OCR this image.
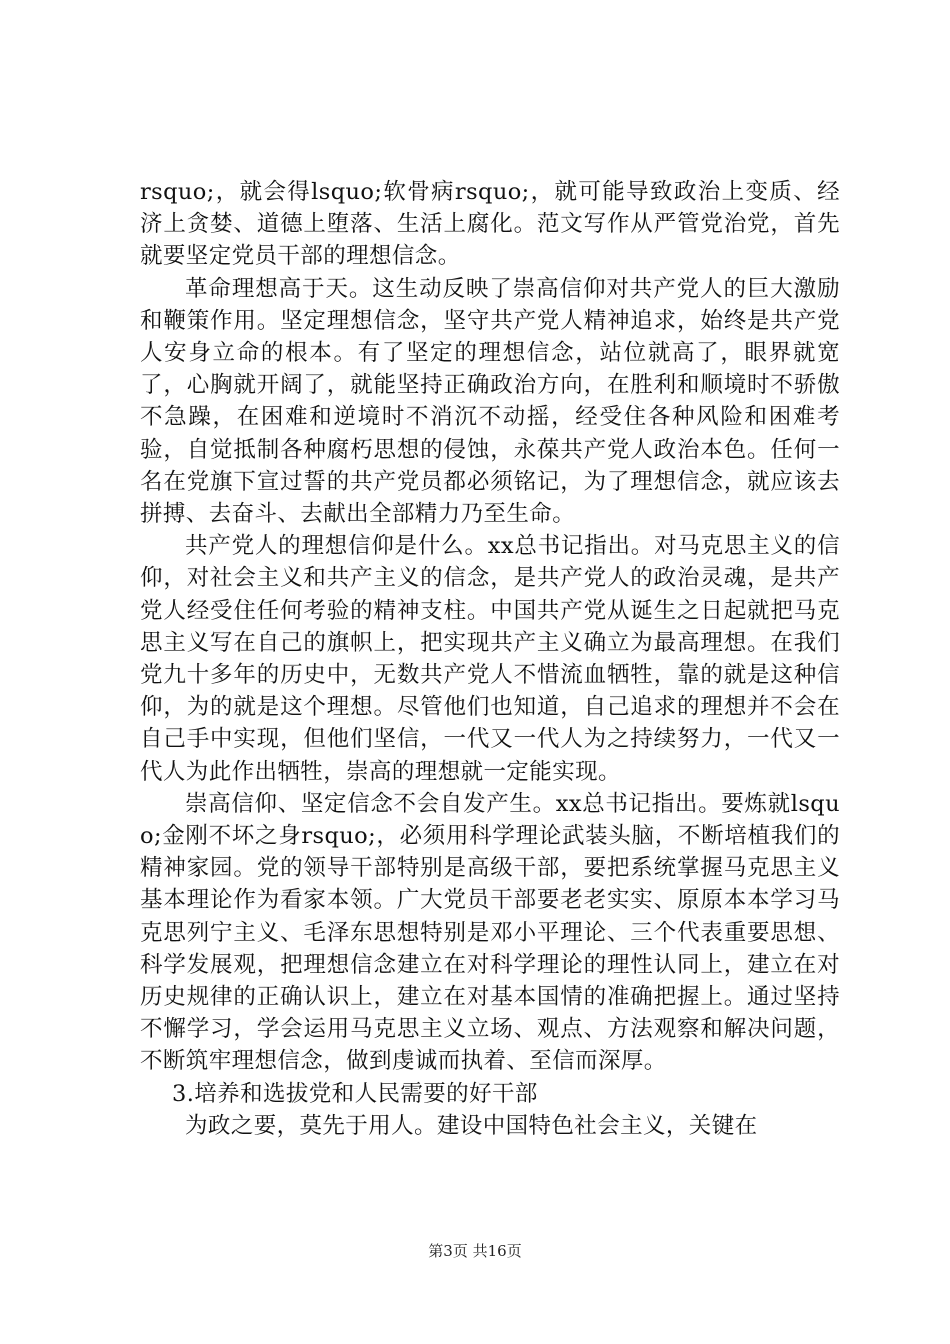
rsquo;，就会得lsquo;软骨病rsquo;，就可能导致政治上变质、经济上贪婪、道德上堕落、生活上腐化。范文写作从严管党治党，首先就要坚定党员干部的理想信念。

革命理想高于天。这生动反映了崇高信仰对共产党人的巨大激励和鞭策作用。坚定理想信念，坚守共产党人精神追求，始终是共产党人安身立命的根本。有了坚定的理想信念，站位就高了，眼界就宽了，心胸就开阔了，就能坚持正确政治方向，在胜利和顺境时不骄傲不急躁，在困难和逆境时不消沉不动摇，经受住各种风险和困难考验，自觉抵制各种腐朽思想的侵蚀，永葆共产党人政治本色。任何一名在党旗下宣过誓的共产党员都必须铭记，为了理想信念，就应该去拼搏、去奋斗、去献出全部精力乃至生命。

共产党人的理想信仰是什么。xx总书记指出。对马克思主义的信仰，对社会主义和共产主义的信念，是共产党人的政治灵魂，是共产党人经受住任何考验的精神支柱。中国共产党从诞生之日起就把马克思主义写在自己的旗帜上，把实现共产主义确立为最高理想。在我们党九十多年的历史中，无数共产党人不惜流血牺牲，靠的就是这种信仰，为的就是这个理想。尽管他们也知道，自己追求的理想并不会在自己手中实现，但他们坚信，一代又一代人为之持续努力，一代又一代人为此作出牺牲，崇高的理想就一定能实现。

崇高信仰、坚定信念不会自发产生。xx总书记指出。要炼就lsquo;金刚不坏之身rsquo;，必须用科学理论武装头脑，不断培植我们的精神家园。党的领导干部特别是高级干部，要把系统掌握马克思主义基本理论作为看家本领。广大党员干部要老老实实、原原本本学习马克思列宁主义、毛泽东思想特别是邓小平理论、三个代表重要思想、科学发展观，把理想信念建立在对科学理论的理性认同上，建立在对历史规律的正确认识上，建立在对基本国情的准确把握上。通过坚持不懈学习，学会运用马克思主义立场、观点、方法观察和解决问题，不断筑牢理想信念，做到虔诚而执着、至信而深厚。

3.培养和选拔党和人民需要的好干部

为政之要，莫先于用人。建设中国特色社会主义，关键在

第3页 共16页
